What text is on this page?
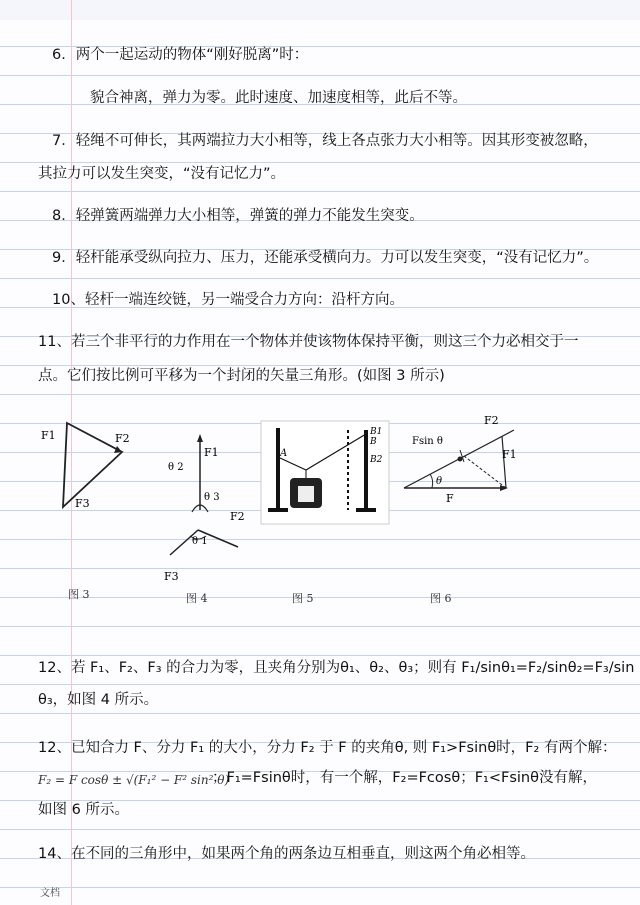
6．两个一起运动的物体“刚好脱离”时：
貌合神离，弹力为零。此时速度、加速度相等，此后不等。
7．轻绳不可伸长，其两端拉力大小相等，线上各点张力大小相等。因其形变被忽略，
其拉力可以发生突变，“没有记忆力”。
8．轻弹簧两端弹力大小相等，弹簧的弹力不能发生突变。
9．轻杆能承受纵向拉力、压力，还能承受横向力。力可以发生突变，“没有记忆力”。
10、轻杆一端连绞链，另一端受合力方向：沿杆方向。
11、若三个非平行的力作用在一个物体并使该物体保持平衡，则这三个力必相交于一
点。它们按比例可平移为一个封闭的矢量三角形。(如图 3 所示)
F1	F2
F3
图 3
F1
θ 2
θ 3
F2
θ 1
F3
图 4
A
B1
B
B2
图 5
F2
Fsin θ
F1
θ
F
图 6
12、若 F₁、F₂、F₃ 的合力为零，且夹角分别为θ₁、θ₂、θ₃；则有 F₁/sinθ₁=F₂/sinθ₂=F₃/sin
θ₃，如图 4 所示。
12、已知合力 F、分力 F₁ 的大小，分力 F₂ 于 F 的夹角θ, 则 F₁>Fsinθ时，F₂ 有两个解：
F₂ = F cosθ ± √(F₁² − F² sin² θ)
；F₁=Fsinθ时，有一个解，F₂=Fcosθ；F₁<Fsinθ没有解，
如图 6 所示。
14、在不同的三角形中，如果两个角的两条边互相垂直，则这两个角必相等。
文档
